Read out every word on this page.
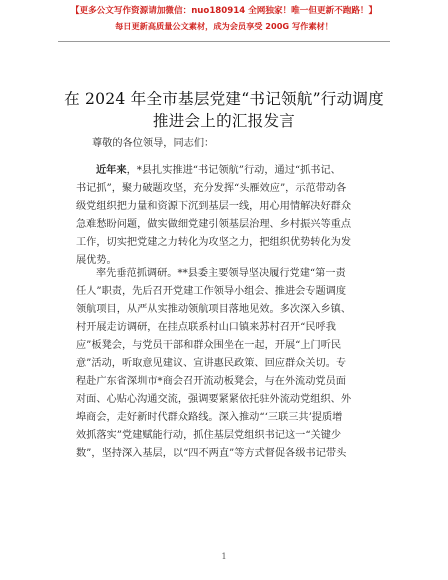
【更多公文写作资源请加微信：nuo180914 全网独家！唯一但更新不跑路！】
每日更新高质量公文素材，成为会员享受 200G 写作素材！
在 2024 年全市基层党建“书记领航”行动调度
推进会上的汇报发言
尊敬的各位领导，同志们：

近年来，*县扎实推进“书记领航”行动，通过“抓书记、

书记抓”，聚力破题攻坚，充分发挥“头雁效应”，示范带动各

级党组织把力量和资源下沉到基层一线，用心用情解决好群众

急难愁盼问题，做实做细党建引领基层治理、乡村振兴等重点

工作，切实把党建之力转化为攻坚之力，把组织优势转化为发

展优势。

率先垂范抓调研。**县委主要领导坚决履行党建“第一责

任人”职责，先后召开党建工作领导小组会、推进会专题调度

领航项目，从严从实推动领航项目落地见效。多次深入乡镇、

村开展走访调研，在挂点联系村山口镇来苏村召开“民呼我

应”板凳会，与党员干部和群众围坐在一起，开展“上门听民

意”活动，听取意见建议、宣讲惠民政策、回应群众关切。专

程赴广东省深圳市*商会召开流动板凳会，与在外流动党员面

对面、心贴心沟通交流，强调要紧紧依托驻外流动党组织、外

埠商会，走好新时代群众路线。深入推动“‘三联三共’提质增

效抓落实”党建赋能行动，抓住基层党组织书记这一“关键少

数”，坚持深入基层，以“四不两直”等方式督促各级书记带头

1
